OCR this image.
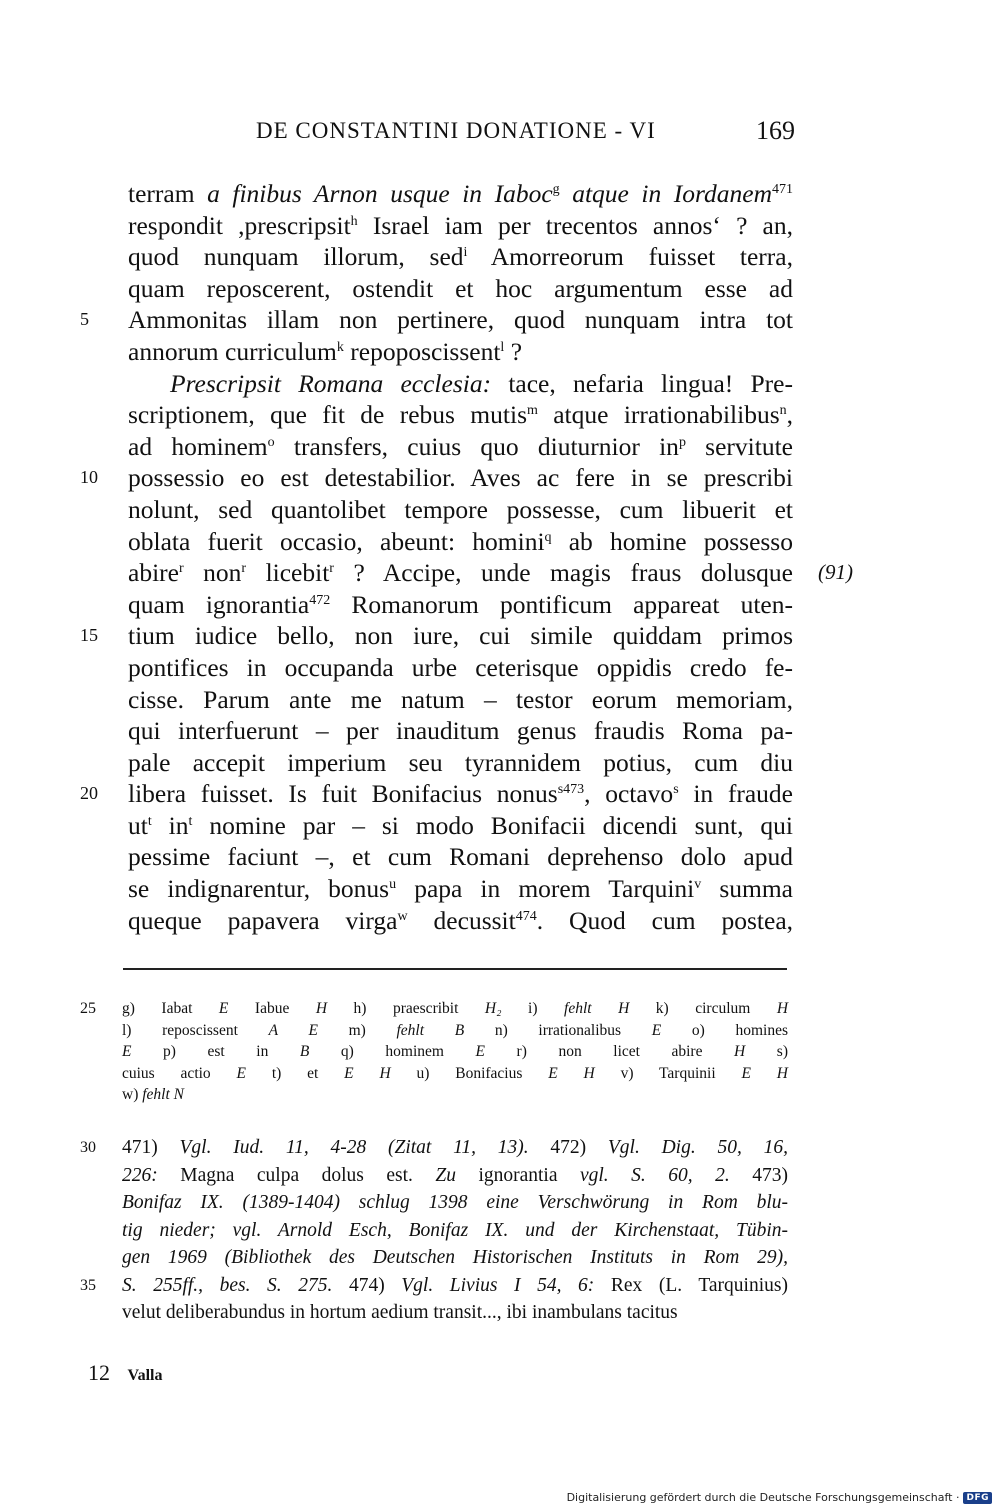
DE CONSTANTINI DONATIONE - VI	169
terram a finibus Arnon usque in Iaboc$^g$ atque in Iordanem$^{471}$
respondit ,prescripsit$^h$ Israel iam per trecentos annos‘ ? an,
quod nunquam illorum, sed$^i$ Amorreorum fuisset terra,
quam reposcerent, ostendit et hoc argumentum esse ad
Ammonitas illam non pertinere, quod nunquam intra tot
5
annorum curriculum$^k$ repoposcissent$^l$ ?
Prescripsit Romana ecclesia: tace, nefaria lingua! Pre-
scriptionem, que fit de rebus mutis$^m$ atque irrationabilibus$^n$,
ad hominem$^o$ transfers, cuius quo diuturnior $in^p$ servitute
possessio eo est detestabilior. Aves ac fere in se prescribi
10
nolunt, sed quantolibet tempore possesse, cum libuerit et
oblata fuerit occasio, abeunt: homini$^q$ ab homine possesso
abire$^r$ non$^r$ licebit$^r$ ? Accipe, unde magis fraus dolusque (91)
quam ignorantia$^{472}$ Romanorum pontificum appareat uten-
tium iudice bello, non iure, cui simile quiddam primos
15
pontifices in occupanda urbe ceterisque oppidis credo fe-
cisse. Parum ante me natum – testor eorum memoriam,
qui interfuerunt – per inauditum genus fraudis Roma pa-
pale accepit imperium seu tyrannidem potius, cum diu
libera fuisset. Is fuit Bonifacius nonus$^{s473}$, octavo$^s$ in fraude
20
$ut^t$ $in^t$ nomine par – si modo Bonifacii dicendi sunt, qui
pessime faciunt –, et cum Romani deprehenso dolo apud
se indignarentur, bonus$^u$ papa in morem Tarquini$^v$ summa
queque papavera virga$^w$ decussit$^{474}$. Quod cum postea,
g) Iabat E Iabue H h) praescribit H₂ i) fehlt H k) circulum H
25
l) reposcissent A E m) fehlt B n) irrationalibus E o) homines
E p) est in B q) hominem E r) non licet abire H s)
cuius actio E t) et E H u) Bonifacius E H v) Tarquinii E H
w) fehlt N
471) Vgl. Iud. 11, 4-28 (Zitat 11, 13). 472) Vgl. Dig. 50, 16,
30
226: Magna culpa dolus est. Zu ignorantia vgl. S. 60, 2. 473)
Bonifaz IX. (1389-1404) schlug 1398 eine Verschwörung in Rom blu-
tig nieder; vgl. Arnold Esch, Bonifaz IX. und der Kirchenstaat, Tübin-
gen 1969 (Bibliothek des Deutschen Historischen Instituts in Rom 29),
S. 255ff., bes. S. 275. 474) Vgl. Livius I 54, 6: Rex (L. Tarquinius)
35
velut deliberabundus in hortum aedium transit..., ibi inambulans tacitus
12 Valla
Digitalisierung gefördert durch die Deutsche Forschungsgemeinschaft · DFG
